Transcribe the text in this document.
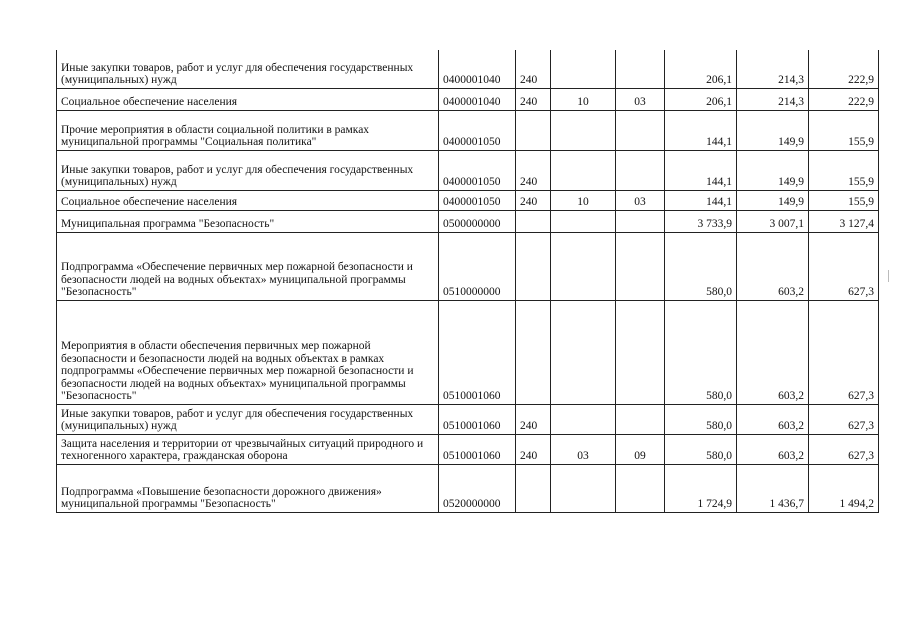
Иные закупки товаров, работ и услуг для обеспечения государственных (муниципальных) нужд	0400001040	240			206,1	214,3	222,9
Социальное обеспечение населения	0400001040	240	10	03	206,1	214,3	222,9
Прочие мероприятия в области социальной политики в рамках муниципальной программы "Социальная политика"	0400001050				144,1	149,9	155,9
Иные закупки товаров, работ и услуг для обеспечения государственных (муниципальных) нужд	0400001050	240			144,1	149,9	155,9
Социальное обеспечение населения	0400001050	240	10	03	144,1	149,9	155,9
Муниципальная программа "Безопасность"	0500000000				3 733,9	3 007,1	3 127,4
Подпрограмма «Обеспечение первичных мер пожарной безопасности и безопасности людей на водных объектах» муниципальной программы "Безопасность"	0510000000				580,0	603,2	627,3
Мероприятия в области обеспечения первичных мер пожарной безопасности и безопасности людей на водных объектах в рамках подпрограммы «Обеспечение первичных мер пожарной безопасности и безопасности людей на водных объектах» муниципальной программы "Безопасность"	0510001060				580,0	603,2	627,3
Иные закупки товаров, работ и услуг для обеспечения государственных (муниципальных) нужд	0510001060	240			580,0	603,2	627,3
Защита населения и территории от чрезвычайных ситуаций природного и техногенного характера, гражданская оборона	0510001060	240	03	09	580,0	603,2	627,3
Подпрограмма «Повышение безопасности дорожного движения» муниципальной программы "Безопасность"	0520000000				1 724,9	1 436,7	1 494,2
